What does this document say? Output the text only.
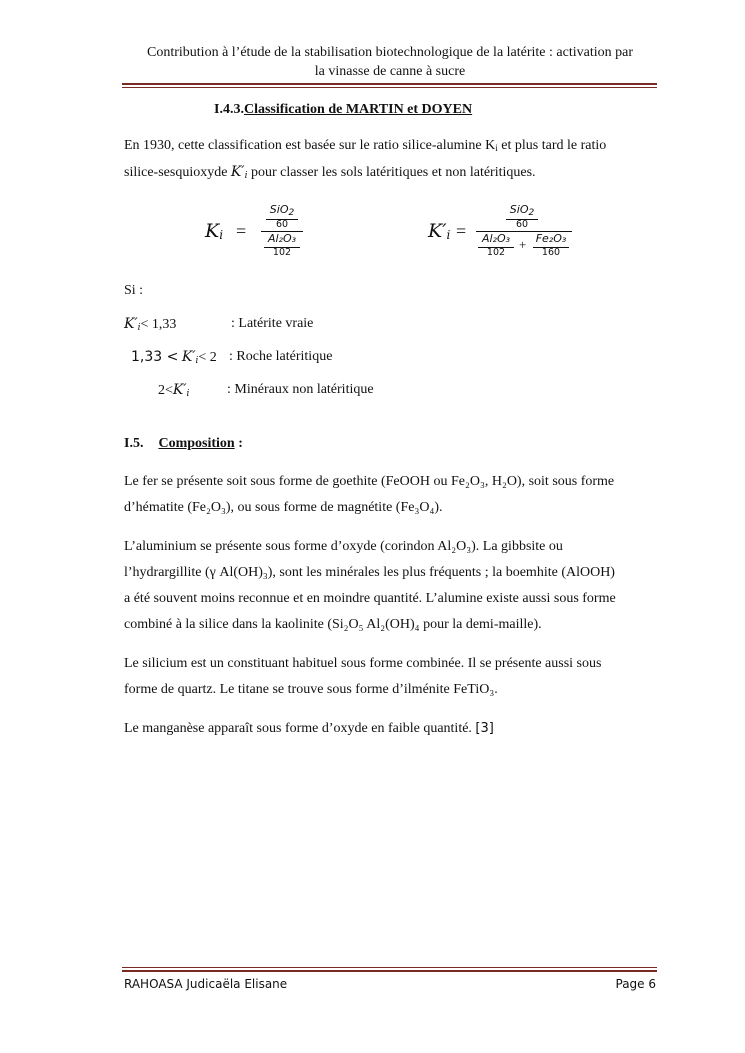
Contribution à l’étude de la stabilisation biotechnologique de la latérite : activation par
la vinasse de canne à sucre
I.4.3.Classification de MARTIN et DOYEN
En 1930, cette classification est basée sur le ratio silice-alumine $K_i$ et plus tard le ratio
silice-sesquioxyde $K'_i$ pour classer les sols latéritiques et non latéritiques.
$K_i$ =
SiO$_2$
60
Al₂O₃
102
$K'_i$ =
SiO$_2$
60
Al₂O₃
102
+ Fe₂O₃
160
Si :
$K'_i< 1,33$	: Latérite vraie
$1,33 < K'_i< 2$ : Roche latéritique
$2<K'_i$	: Minéraux non latéritique
I.5. Composition :
Le fer se présente soit sous forme de goethite (FeOOH ou Fe₂O₃, H₂O), soit sous forme
d’hématite (Fe₂O₃), ou sous forme de magnétite (Fe₃O₄).
L’aluminium se présente sous forme d’oxyde (corindon Al₂O₃). La gibbsite ou
l’hydrargillite (γ Al(OH)₃), sont les minérales les plus fréquents ; la boemhite (AlOOH)
a été souvent moins reconnue et en moindre quantité. L’alumine existe aussi sous forme
combiné à la silice dans la kaolinite (Si₂O₅ Al₂(OH)₄ pour la demi-maille).
Le silicium est un constituant habituel sous forme combinée. Il se présente aussi sous
forme de quartz. Le titane se trouve sous forme d’ilménite FeTiO₃.
Le manganèse apparaît sous forme d’oxyde en faible quantité. [3]
RAHOASA Judicaëla Elisane	Page 6
